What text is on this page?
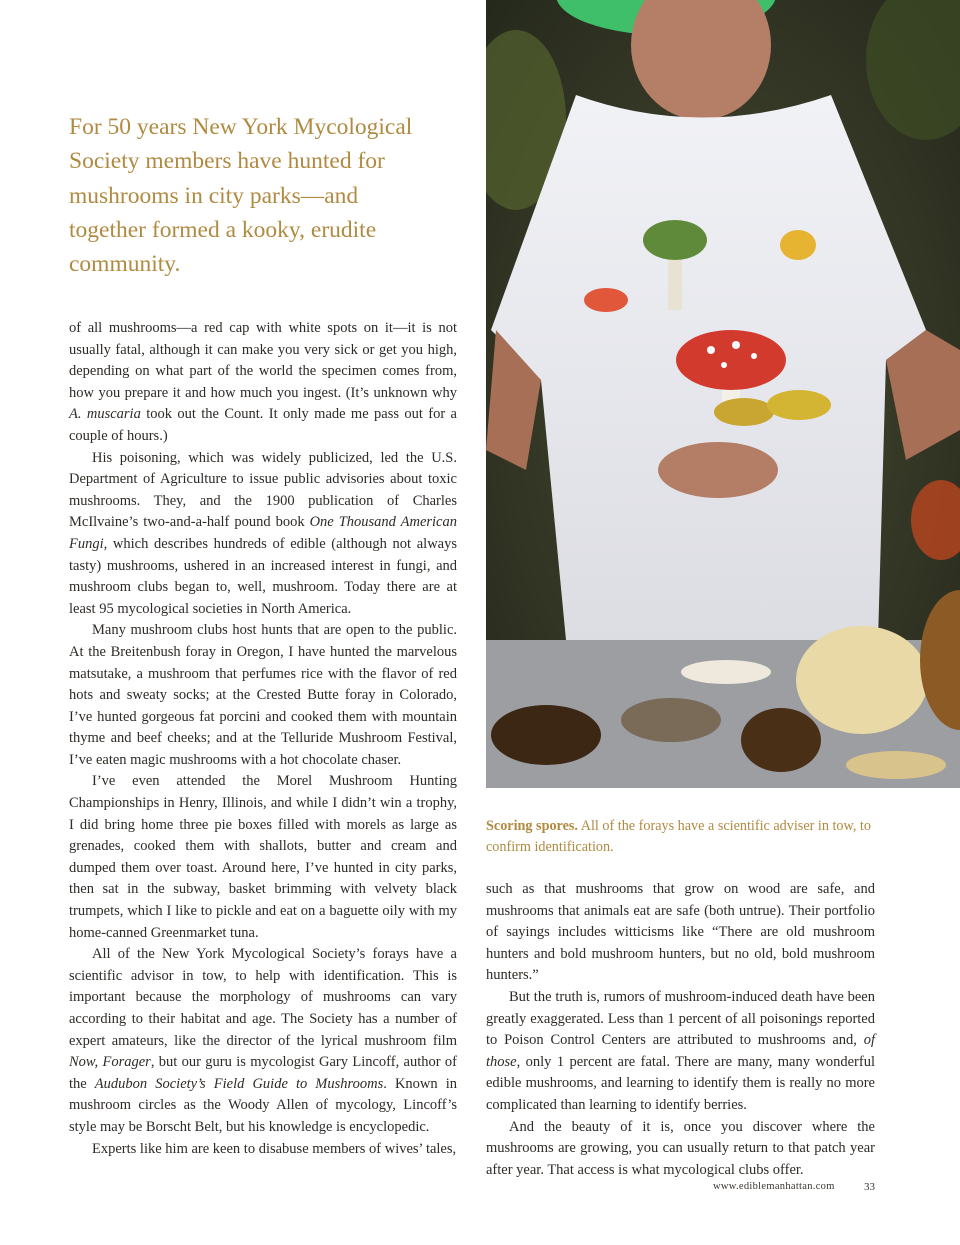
For 50 years New York Mycological Society members have hunted for mushrooms in city parks—and together formed a kooky, erudite community.

of all mushrooms—a red cap with white spots on it—it is not usually fatal, although it can make you very sick or get you high, depending on what part of the world the specimen comes from, how you prepare it and how much you ingest. (It’s unknown why A. muscaria took out the Count. It only made me pass out for a couple of hours.)

His poisoning, which was widely publicized, led the U.S. Department of Agriculture to issue public advisories about toxic mushrooms. They, and the 1900 publication of Charles McIlvaine’s two-and-a-half pound book One Thousand American Fungi, which describes hundreds of edible (although not always tasty) mushrooms, ushered in an increased interest in fungi, and mushroom clubs began to, well, mushroom. Today there are at least 95 mycological societies in North America.

Many mushroom clubs host hunts that are open to the public. At the Breitenbush foray in Oregon, I have hunted the marvelous matsutake, a mushroom that perfumes rice with the flavor of red hots and sweaty socks; at the Crested Butte foray in Colorado, I’ve hunted gorgeous fat porcini and cooked them with mountain thyme and beef cheeks; and at the Telluride Mushroom Festival, I’ve eaten magic mushrooms with a hot chocolate chaser.

I’ve even attended the Morel Mushroom Hunting Championships in Henry, Illinois, and while I didn’t win a trophy, I did bring home three pie boxes filled with morels as large as grenades, cooked them with shallots, butter and cream and dumped them over toast. Around here, I’ve hunted in city parks, then sat in the subway, basket brimming with velvety black trumpets, which I like to pickle and eat on a baguette oily with my home-canned Greenmarket tuna.

All of the New York Mycological Society’s forays have a scientific advisor in tow, to help with identification. This is important because the morphology of mushrooms can vary according to their habitat and age. The Society has a number of expert amateurs, like the director of the lyrical mushroom film Now, Forager, but our guru is mycologist Gary Lincoff, author of the Audubon Society’s Field Guide to Mushrooms. Known in mushroom circles as the Woody Allen of mycology, Lincoff’s style may be Borscht Belt, but his knowledge is encyclopedic.

Experts like him are keen to disabuse members of wives’ tales,

Scoring spores. All of the forays have a scientific adviser in tow, to confirm identification.

such as that mushrooms that grow on wood are safe, and mushrooms that animals eat are safe (both untrue). Their portfolio of sayings includes witticisms like “There are old mushroom hunters and bold mushroom hunters, but no old, bold mushroom hunters.”

But the truth is, rumors of mushroom-induced death have been greatly exaggerated. Less than 1 percent of all poisonings reported to Poison Control Centers are attributed to mushrooms and, of those, only 1 percent are fatal. There are many, many wonderful edible mushrooms, and learning to identify them is really no more complicated than learning to identify berries.

And the beauty of it is, once you discover where the mushrooms are growing, you can usually return to that patch year after year. That access is what mycological clubs offer.

www.ediblemanhattan.com	33
